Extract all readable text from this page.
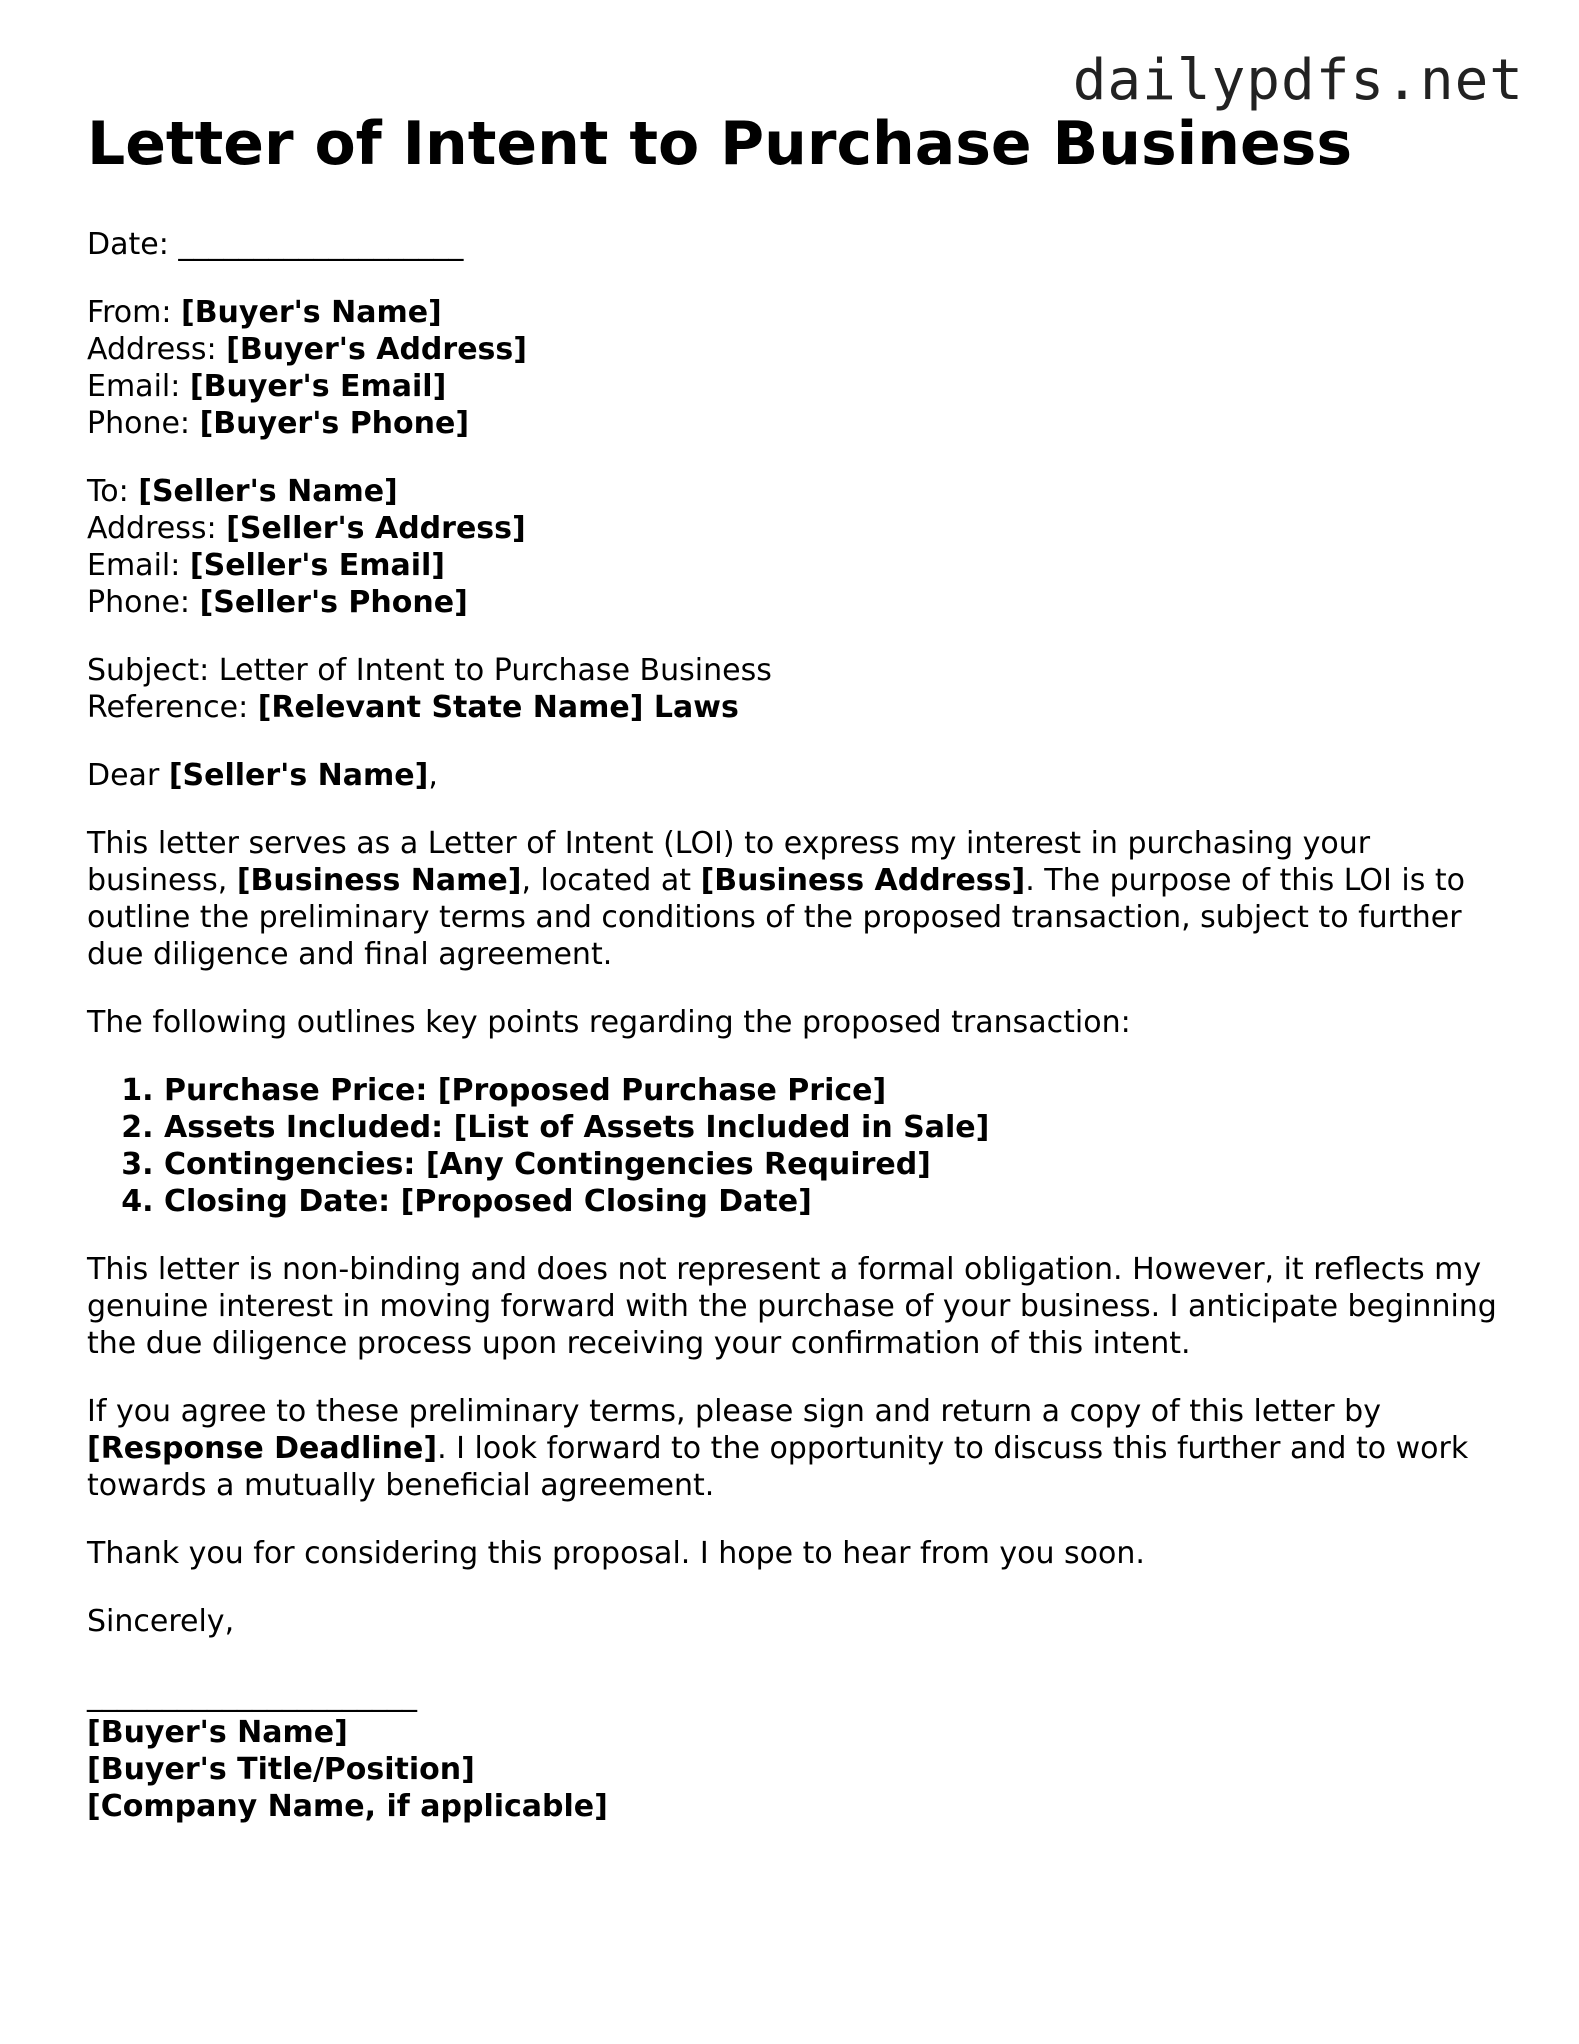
dailypdfs.net
Letter of Intent to Purchase Business

Date: ___________________

From: [Buyer's Name]
Address: [Buyer's Address]
Email: [Buyer's Email]
Phone: [Buyer's Phone]

To: [Seller's Name]
Address: [Seller's Address]
Email: [Seller's Email]
Phone: [Seller's Phone]

Subject: Letter of Intent to Purchase Business
Reference: [Relevant State Name] Laws

Dear [Seller's Name],

This letter serves as a Letter of Intent (LOI) to express my interest in purchasing your business, [Business Name], located at [Business Address]. The purpose of this LOI is to outline the preliminary terms and conditions of the proposed transaction, subject to further due diligence and final agreement.

The following outlines key points regarding the proposed transaction:

1. Purchase Price: [Proposed Purchase Price]
2. Assets Included: [List of Assets Included in Sale]
3. Contingencies: [Any Contingencies Required]
4. Closing Date: [Proposed Closing Date]

This letter is non-binding and does not represent a formal obligation. However, it reflects my genuine interest in moving forward with the purchase of your business. I anticipate beginning the due diligence process upon receiving your confirmation of this intent.

If you agree to these preliminary terms, please sign and return a copy of this letter by [Response Deadline]. I look forward to the opportunity to discuss this further and to work towards a mutually beneficial agreement.

Thank you for considering this proposal. I hope to hear from you soon.

Sincerely,

______________________
[Buyer's Name]
[Buyer's Title/Position]
[Company Name, if applicable]
